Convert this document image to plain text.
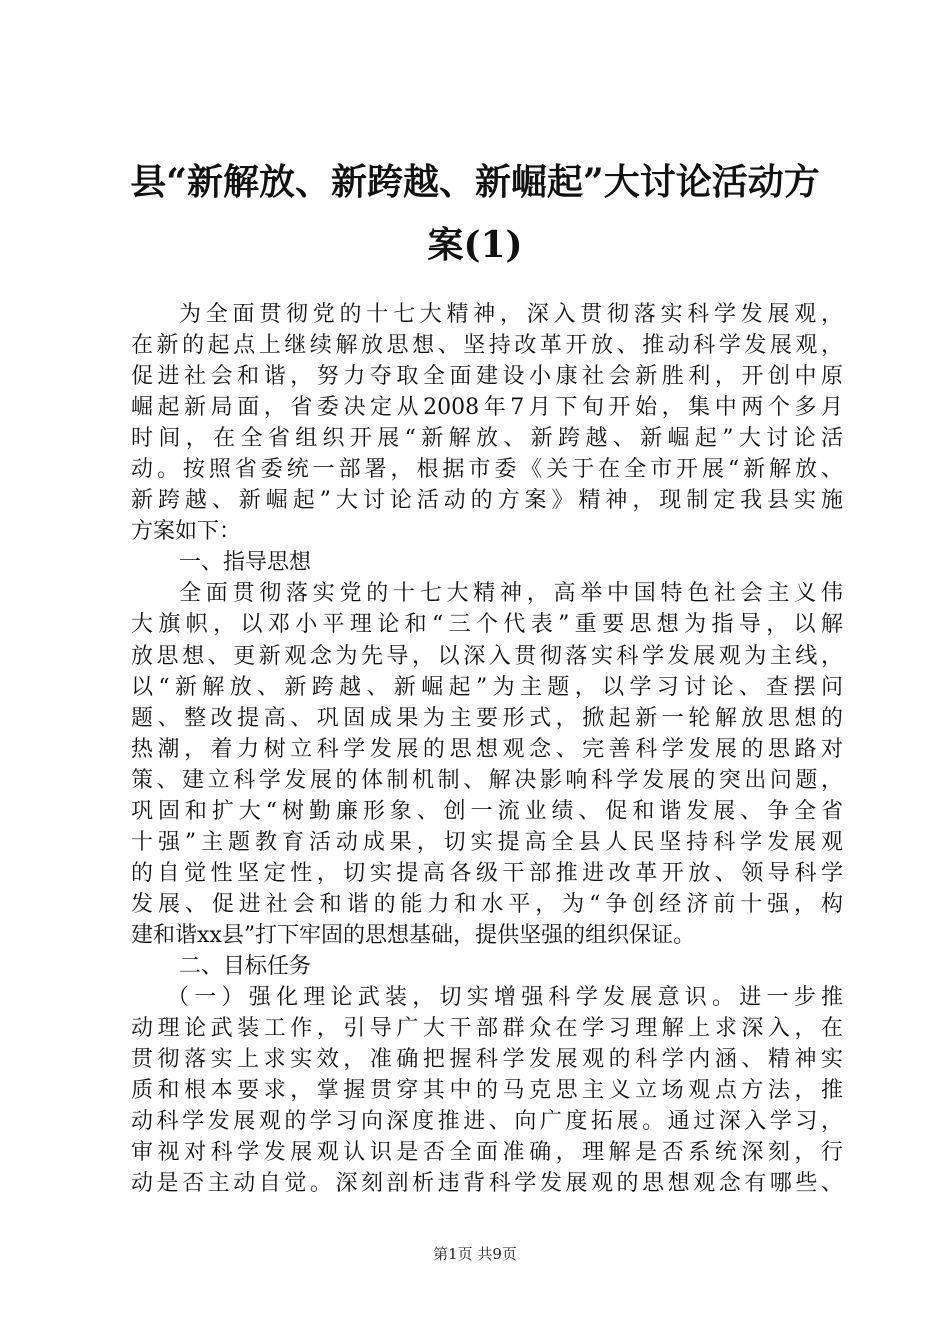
县“新解放、新跨越、新崛起”大讨论活动方
案(1)
为全面贯彻党的十七大精神，深入贯彻落实科学发展观，
在新的起点上继续解放思想、坚持改革开放、推动科学发展观，
促进社会和谐，努力夺取全面建设小康社会新胜利，开创中原
崛起新局面，省委决定从2008年7月下旬开始，集中两个多月
时间，在全省组织开展“新解放、新跨越、新崛起”大讨论活
动。按照省委统一部署，根据市委《关于在全市开展“新解放、
新跨越、新崛起”大讨论活动的方案》精神，现制定我县实施
方案如下：
一、指导思想
全面贯彻落实党的十七大精神，高举中国特色社会主义伟
大旗帜，以邓小平理论和“三个代表”重要思想为指导，以解
放思想、更新观念为先导，以深入贯彻落实科学发展观为主线，
以“新解放、新跨越、新崛起”为主题，以学习讨论、查摆问
题、整改提高、巩固成果为主要形式，掀起新一轮解放思想的
热潮，着力树立科学发展的思想观念、完善科学发展的思路对
策、建立科学发展的体制机制、解决影响科学发展的突出问题，
巩固和扩大“树勤廉形象、创一流业绩、促和谐发展、争全省
十强”主题教育活动成果，切实提高全县人民坚持科学发展观
的自觉性坚定性，切实提高各级干部推进改革开放、领导科学
发展、促进社会和谐的能力和水平，为“争创经济前十强，构
建和谐xx县”打下牢固的思想基础，提供坚强的组织保证。
二、目标任务
（一）强化理论武装，切实增强科学发展意识。进一步推
动理论武装工作，引导广大干部群众在学习理解上求深入，在
贯彻落实上求实效，准确把握科学发展观的科学内涵、精神实
质和根本要求，掌握贯穿其中的马克思主义立场观点方法，推
动科学发展观的学习向深度推进、向广度拓展。通过深入学习，
审视对科学发展观认识是否全面准确，理解是否系统深刻，行
动是否主动自觉。深刻剖析违背科学发展观的思想观念有哪些、
第1页 共9页
